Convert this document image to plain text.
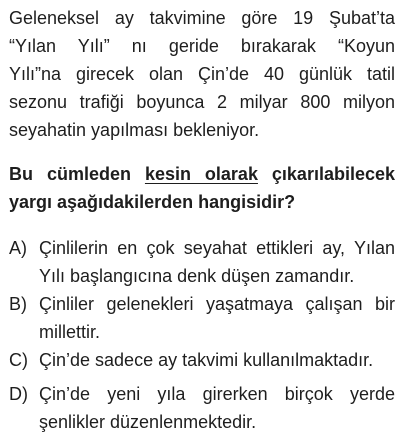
Geleneksel ay takvimine göre 19 Şubat’ta
“Yılan Yılı” nı geride bırakarak “Koyun
Yılı”na girecek olan Çin’de 40 günlük tatil
sezonu trafiği boyunca 2 milyar 800 milyon
seyahatin yapılması bekleniyor.
Bu cümleden kesin olarak çıkarılabilecek
yargı aşağıdakilerden hangisidir?
A) Çinlilerin en çok seyahat ettikleri ay, Yılan
Yılı başlangıcına denk düşen zamandır.
B) Çinliler gelenekleri yaşatmaya çalışan bir
millettir.
C) Çin’de sadece ay takvimi kullanılmaktadır.
D) Çin’de yeni yıla girerken birçok yerde
şenlikler düzenlenmektedir.
